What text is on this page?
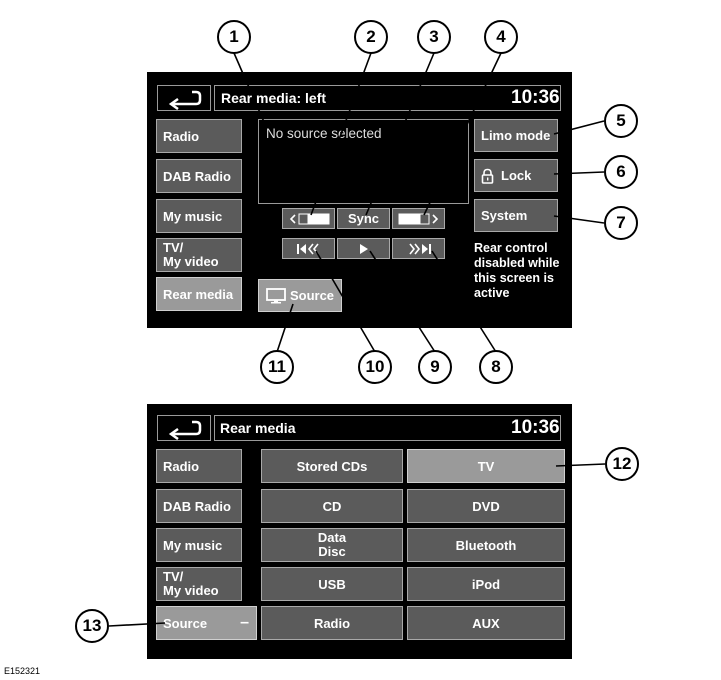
Rear media: left	10:36
Radio
DAB Radio
My music
TV/
My video
Rear media
No source selected
Sync
Source
Limo mode
Lock
System
Rear control disabled while this screen is active
Rear media	10:36
Radio
DAB Radio
My music
TV/
My video
Source –
Stored CDs	TV
CD	DVD
Data
Disc	Bluetooth
USB	iPod
Radio	AUX
1	2	3	4
5
6
7
8
9
10
11
12
13
E152321
